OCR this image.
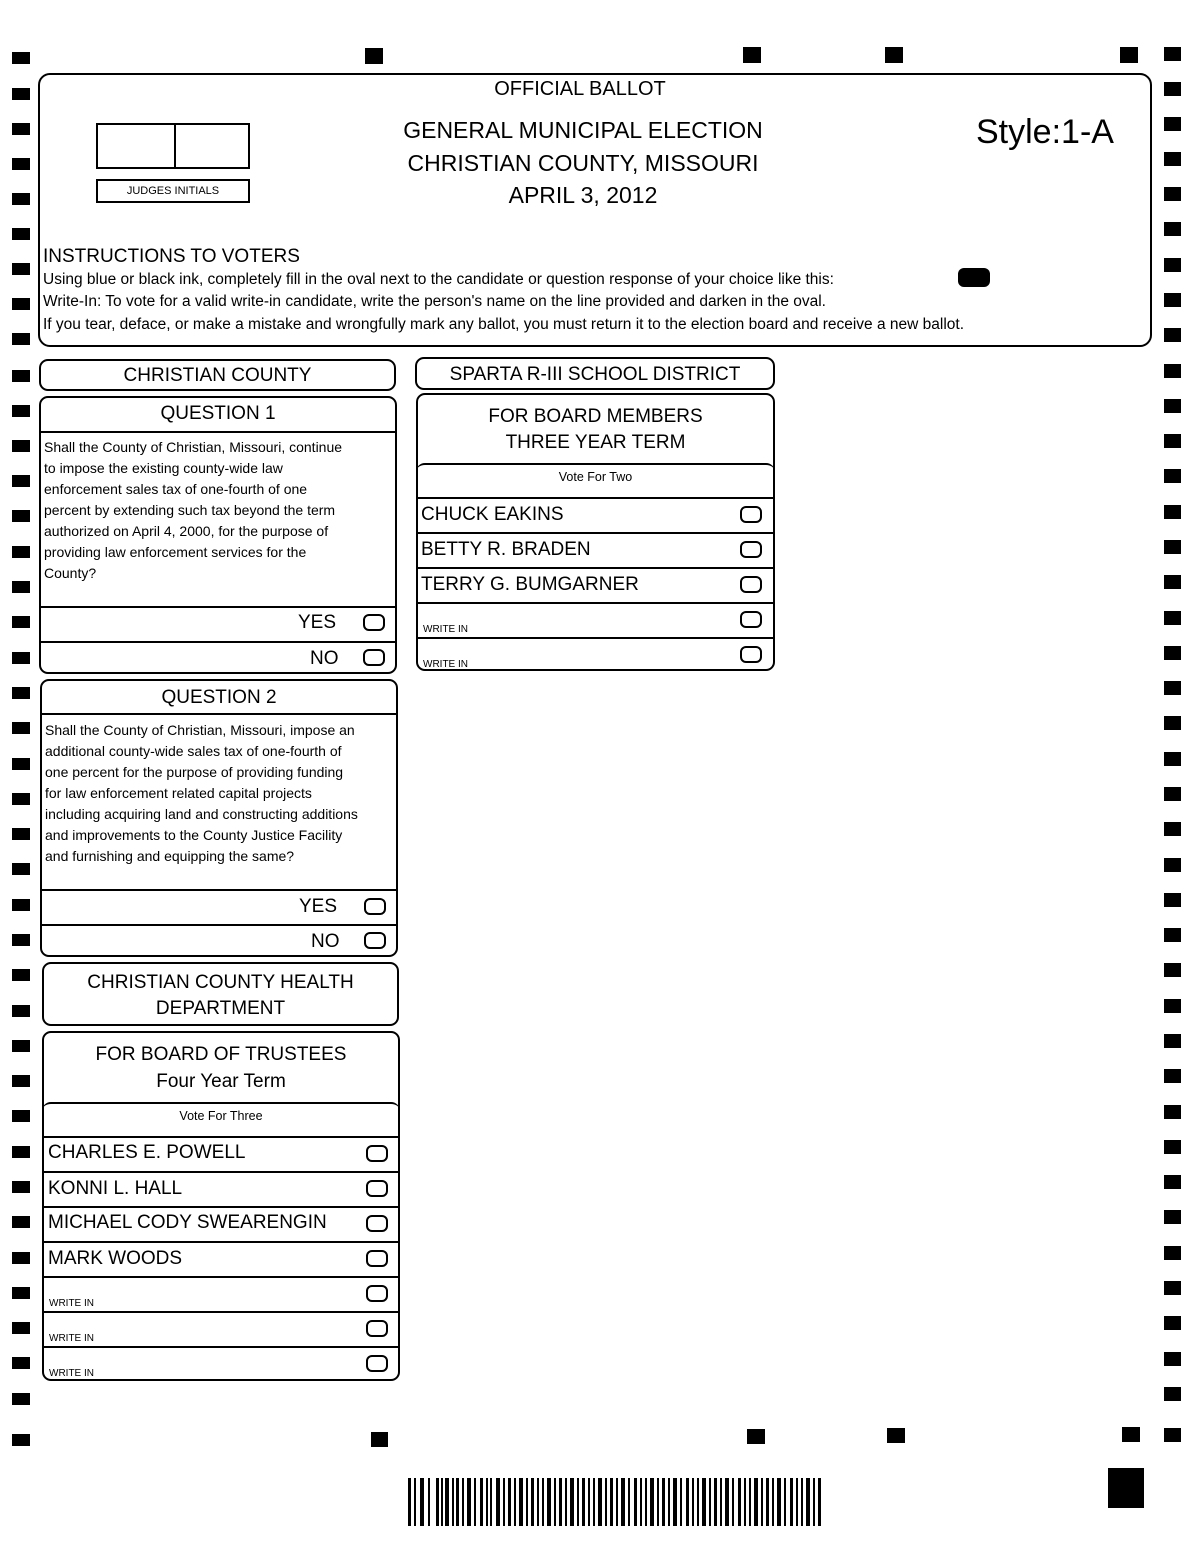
OFFICIAL BALLOT
JUDGES INITIALS
GENERAL MUNICIPAL ELECTION
CHRISTIAN COUNTY, MISSOURI
APRIL 3, 2012
Style:1-A
INSTRUCTIONS TO VOTERS
Using blue or black ink, completely fill in the oval next to the candidate or question response of your choice like this:
Write-In: To vote for a valid write-in candidate, write the person's name on the line provided and darken in the oval.
If you tear, deface, or make a mistake and wrongfully mark any ballot, you must return it to the election board and receive a new ballot.
CHRISTIAN COUNTY
QUESTION 1
Shall the County of Christian, Missouri, continue
to impose the existing county-wide law
enforcement sales tax of one-fourth of one
percent by extending such tax beyond the term
authorized on April 4, 2000, for the purpose of
providing law enforcement services for the
County?
YES
NO
QUESTION 2
Shall the County of Christian, Missouri, impose an
additional county-wide sales tax of one-fourth of
one percent for the purpose of providing funding
for law enforcement related capital projects
including acquiring land and constructing additions
and improvements to the County Justice Facility
and furnishing and equipping the same?
YES
NO
CHRISTIAN COUNTY HEALTH
DEPARTMENT
FOR BOARD OF TRUSTEES
Four Year Term
Vote For Three
CHARLES E. POWELL
KONNI L. HALL
MICHAEL CODY SWEARENGIN
MARK WOODS
WRITE IN
WRITE IN
WRITE IN
SPARTA R-III SCHOOL DISTRICT
FOR BOARD MEMBERS
THREE YEAR TERM
Vote For Two
CHUCK EAKINS
BETTY R. BRADEN
TERRY G. BUMGARNER
WRITE IN
WRITE IN
